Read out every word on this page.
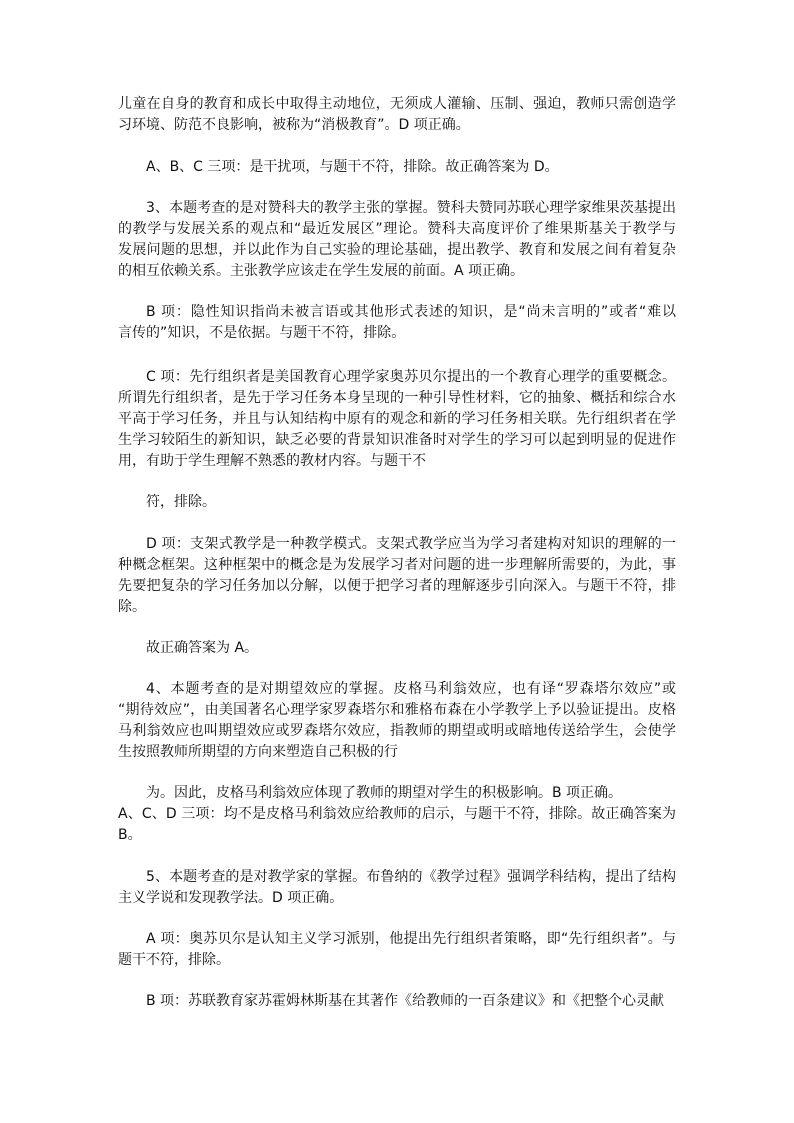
儿童在自身的教育和成长中取得主动地位，无须成人灌输、压制、强迫，教师只需创造学
习环境、防范不良影响，被称为“消极教育”。D 项正确。
A、B、C 三项：是干扰项，与题干不符，排除。故正确答案为 D。
3、本题考查的是对赞科夫的教学主张的掌握。赞科夫赞同苏联心理学家维果茨基提出
的教学与发展关系的观点和“最近发展区”理论。赞科夫高度评价了维果斯基关于教学与
发展问题的思想，并以此作为自己实验的理论基础，提出教学、教育和发展之间有着复杂
的相互依赖关系。主张教学应该走在学生发展的前面。A 项正确。
B 项：隐性知识指尚未被言语或其他形式表述的知识，是“尚未言明的”或者“难以
言传的”知识，不是依据。与题干不符，排除。
C 项：先行组织者是美国教育心理学家奥苏贝尔提出的一个教育心理学的重要概念。
所谓先行组织者，是先于学习任务本身呈现的一种引导性材料，它的抽象、概括和综合水
平高于学习任务，并且与认知结构中原有的观念和新的学习任务相关联。先行组织者在学
生学习较陌生的新知识，缺乏必要的背景知识准备时对学生的学习可以起到明显的促进作
用，有助于学生理解不熟悉的教材内容。与题干不
符，排除。
D 项：支架式教学是一种教学模式。支架式教学应当为学习者建构对知识的理解的一
种概念框架。这种框架中的概念是为发展学习者对问题的进一步理解所需要的，为此，事
先要把复杂的学习任务加以分解，以便于把学习者的理解逐步引向深入。与题干不符，排
除。
故正确答案为 A。
4、本题考查的是对期望效应的掌握。皮格马利翁效应，也有译“罗森塔尔效应”或
“期待效应”，由美国著名心理学家罗森塔尔和雅格布森在小学教学上予以验证提出。皮格
马利翁效应也叫期望效应或罗森塔尔效应，指教师的期望或明或暗地传送给学生，会使学
生按照教师所期望的方向来塑造自己积极的行
为。因此，皮格马利翁效应体现了教师的期望对学生的积极影响。B 项正确。
A、C、D 三项：均不是皮格马利翁效应给教师的启示，与题干不符，排除。故正确答案为
B。
5、本题考查的是对教学家的掌握。布鲁纳的《教学过程》强调学科结构，提出了结构
主义学说和发现教学法。D 项正确。
A 项：奥苏贝尔是认知主义学习派别，他提出先行组织者策略，即“先行组织者”。与
题干不符，排除。
B 项：苏联教育家苏霍姆林斯基在其著作《给教师的一百条建议》和《把整个心灵献
